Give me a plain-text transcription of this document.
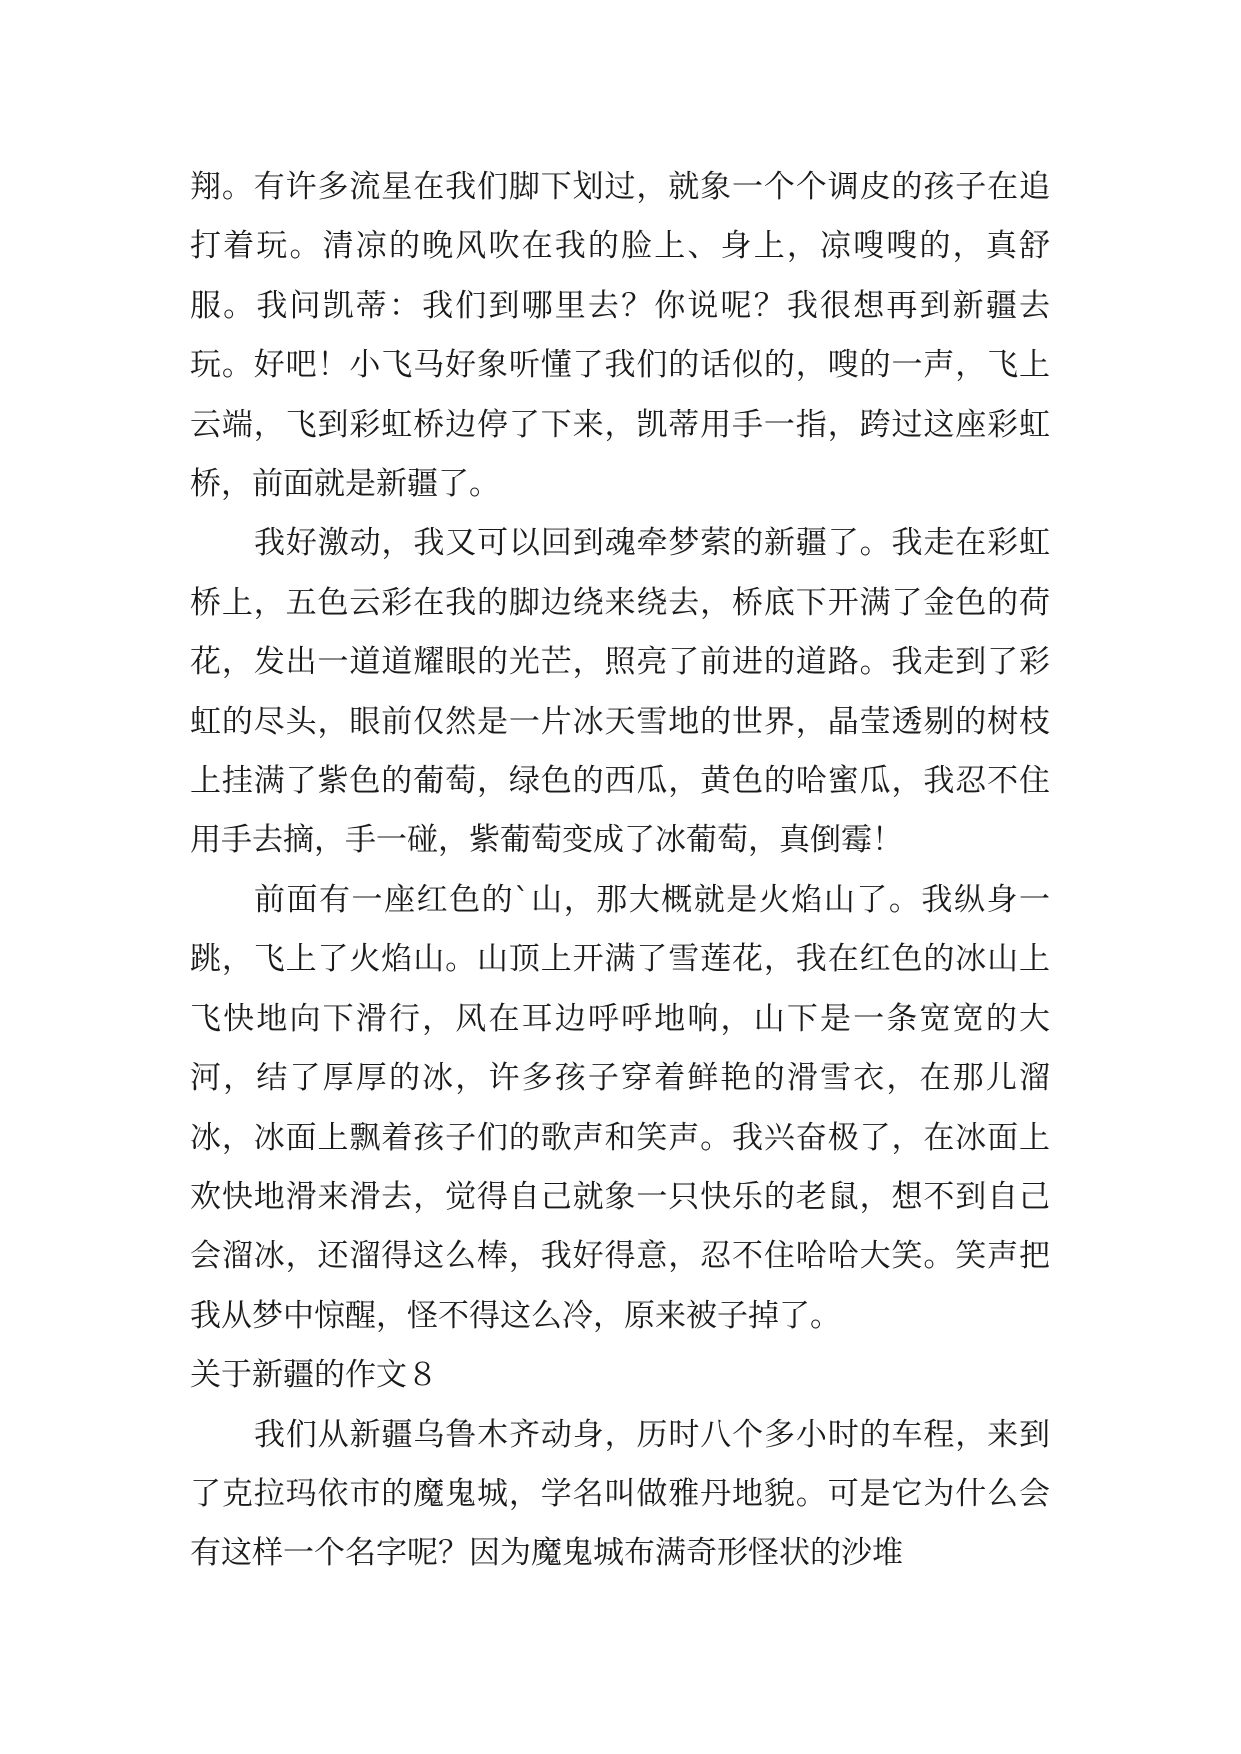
翔。有许多流星在我们脚下划过，就象一个个调皮的孩子在追打着玩。清凉的晚风吹在我的脸上、身上，凉嗖嗖的，真舒服。我问凯蒂：我们到哪里去？你说呢？我很想再到新疆去玩。好吧！小飞马好象听懂了我们的话似的，嗖的一声，飞上云端，飞到彩虹桥边停了下来，凯蒂用手一指，跨过这座彩虹桥，前面就是新疆了。

我好激动，我又可以回到魂牵梦萦的新疆了。我走在彩虹桥上，五色云彩在我的脚边绕来绕去，桥底下开满了金色的荷花，发出一道道耀眼的光芒，照亮了前进的道路。我走到了彩虹的尽头，眼前仅然是一片冰天雪地的世界，晶莹透剔的树枝上挂满了紫色的葡萄，绿色的西瓜，黄色的哈蜜瓜，我忍不住用手去摘，手一碰，紫葡萄变成了冰葡萄，真倒霉！

前面有一座红色的`山，那大概就是火焰山了。我纵身一跳，飞上了火焰山。山顶上开满了雪莲花，我在红色的冰山上飞快地向下滑行，风在耳边呼呼地响，山下是一条宽宽的大河，结了厚厚的冰，许多孩子穿着鲜艳的滑雪衣，在那儿溜冰，冰面上飘着孩子们的歌声和笑声。我兴奋极了，在冰面上欢快地滑来滑去，觉得自己就象一只快乐的老鼠，想不到自己会溜冰，还溜得这么棒，我好得意，忍不住哈哈大笑。笑声把我从梦中惊醒，怪不得这么冷，原来被子掉了。

关于新疆的作文８

我们从新疆乌鲁木齐动身，历时八个多小时的车程，来到了克拉玛依市的魔鬼城，学名叫做雅丹地貌。可是它为什么会有这样一个名字呢？因为魔鬼城布满奇形怪状的沙堆
